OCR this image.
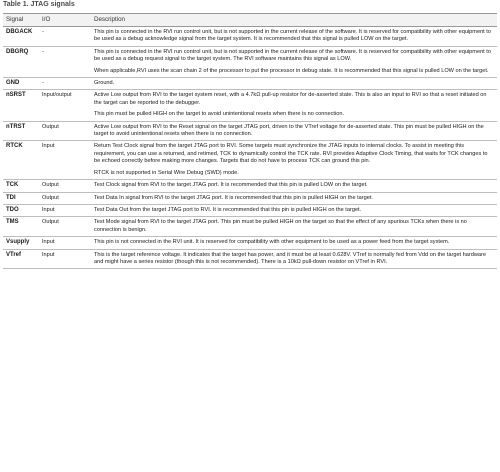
Table 1. JTAG signals
Signal	I/O	Description
DBGACK	-	This pin is connected in the RVI run control unit, but is not supported in the current release of the software. It is reserved for compatibility with other equipment to be used as a debug acknowledge signal from the target system. It is recommended that this signal is pulled LOW on the target.

DBGRQ	-	This pin is connected in the RVI run control unit, but is not supported in the current release of the software. It is reserved for compatibility with other equipment to be used as a debug request signal to the target system. The RVI software maintains this signal as LOW.

When applicable,RVI uses the scan chain 2 of the processor to put the processor in debug state. It is recommended that this signal is pulled LOW on the target.

GND	-	Ground.

nSRST	Input/output	Active Low output from RVI to the target system reset, with a 4.7kΩ pull-up resistor for de-asserted state. This is also an input to RVI so that a reset initiated on the target can be reported to the debugger.

This pin must be pulled HIGH on the target to avoid unintentional resets when there is no connection.

nTRST	Output	Active Low output from RVI to the Reset signal on the target JTAG port, driven to the VTref voltage for de-asserted state. This pin must be pulled HIGH on the target to avoid unintentional resets when there is no connection.

RTCK	Input	Return Test Clock signal from the target JTAG port to RVI. Some targets must synchronize the JTAG inputs to internal clocks. To assist in meeting this requirement, you can use a returned, and retimed, TCK to dynamically control the TCK rate. RVI provides Adaptive Clock Timing, that waits for TCK changes to be echoed correctly before making more changes. Targets that do not have to process TCK can ground this pin.

RTCK is not supported in Serial Wire Debug (SWD) mode.

TCK	Output	Test Clock signal from RVI to the target JTAG port. It is recommended that this pin is pulled LOW on the target.

TDI	Output	Test Data In signal from RVI to the target JTAG port. It is recommended that this pin is pulled HIGH on the target.

TDO	Input	Test Data Out from the target JTAG port to RVI. It is recommended that this pin is pulled HIGH on the target.

TMS	Output	Test Mode signal from RVI to the target JTAG port. This pin must be pulled HIGH on the target so that the effect of any spurious TCKs when there is no connection is benign.

Vsupply	Input	This pin is not connected in the RVI unit. It is reserved for compatibility with other equipment to be used as a power feed from the target system.

VTref	Input	This is the target reference voltage. It indicates that the target has power, and it must be at least 0.628V. VTref is normally fed from Vdd on the target hardware and might have a series resistor (though this is not recommended). There is a 10kΩ pull-down resistor on VTref in RVI.
